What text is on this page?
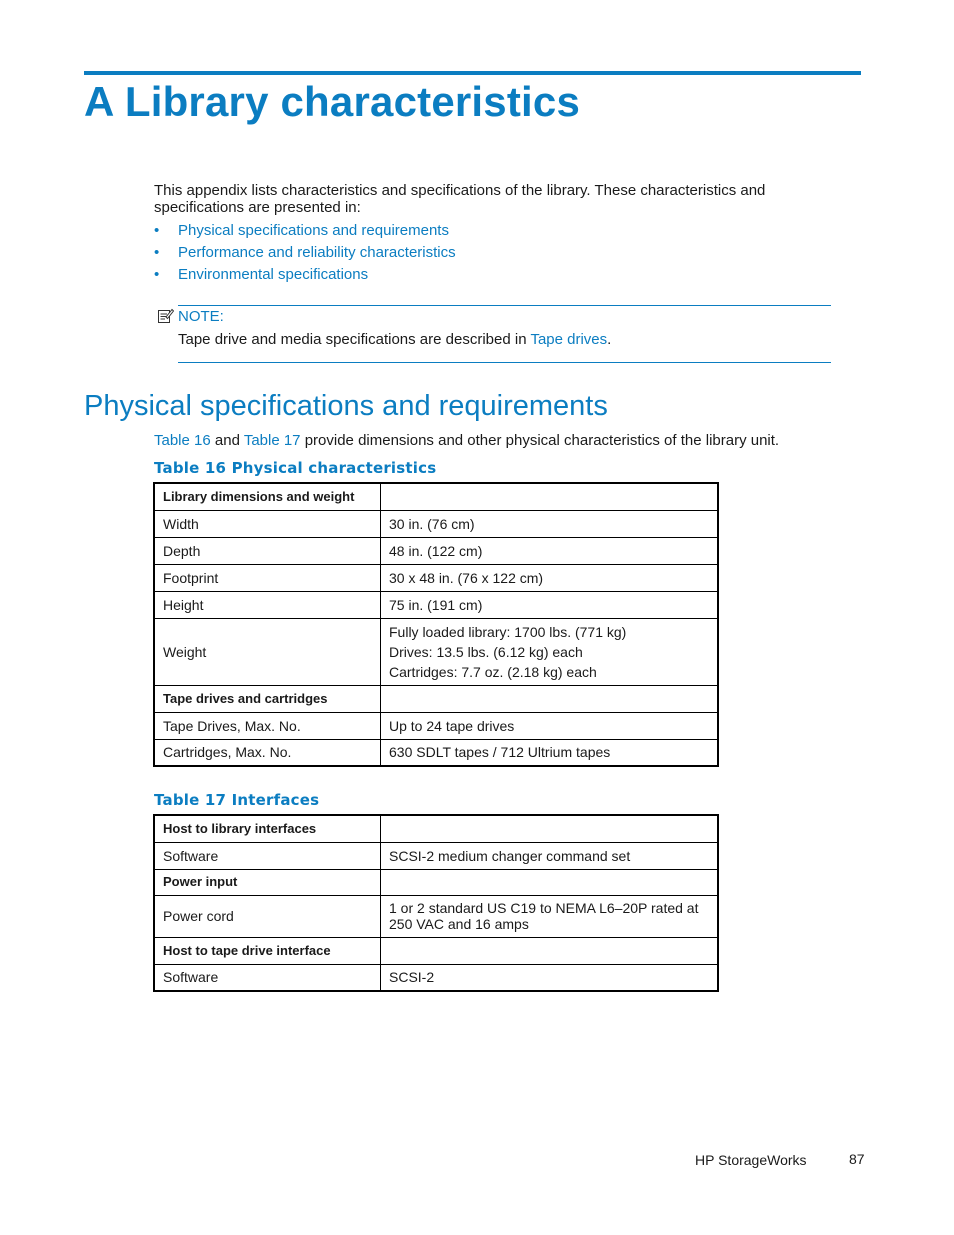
A Library characteristics

This appendix lists characteristics and specifications of the library. These characteristics and specifications are presented in:

• Physical specifications and requirements
• Performance and reliability characteristics
• Environmental specifications
NOTE:
Tape drive and media specifications are described in Tape drives.
Physical specifications and requirements
Table 16 and Table 17 provide dimensions and other physical characteristics of the library unit.
Table 16 Physical characteristics
Library dimensions and weight	
Width	30 in. (76 cm)
Depth	48 in. (122 cm)
Footprint	30 x 48 in. (76 x 122 cm)
Height	75 in. (191 cm)
Weight	Fully loaded library: 1700 lbs. (771 kg)
Drives: 13.5 lbs. (6.12 kg) each
Cartridges: 7.7 oz. (2.18 kg) each

Tape drives and cartridges	
Tape Drives, Max. No.	Up to 24 tape drives
Cartridges, Max. No.	630 SDLT tapes / 712 Ultrium tapes
Table 17 Interfaces
Host to library interfaces	
Software	SCSI-2 medium changer command set
Power input	
Power cord	1 or 2 standard US C19 to NEMA L6–20P rated at 250 VAC and 16 amps
Host to tape drive interface	
Software	SCSI-2
HP StorageWorks	87
